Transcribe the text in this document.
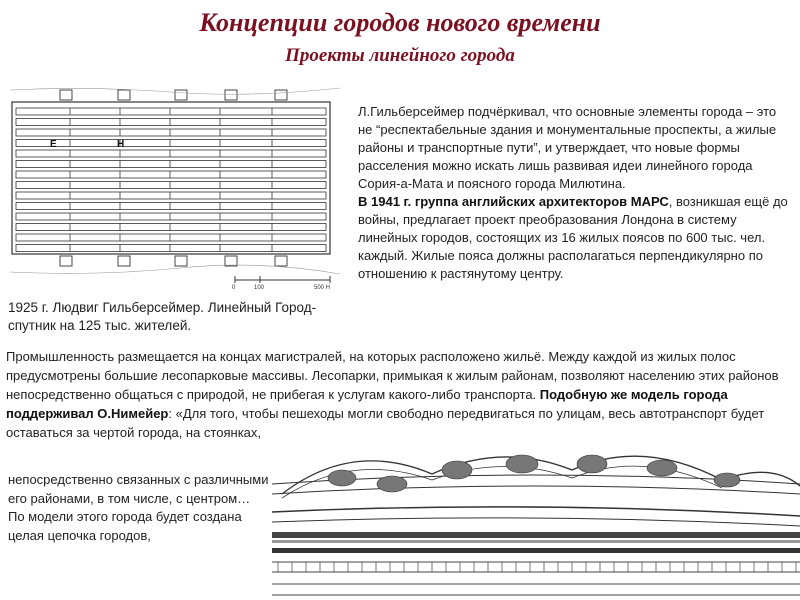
Концепции городов нового времени
Проекты линейного города
Е	Н
0	100	500 Н
1925 г. Людвиг Гильберсеймер. Линейный Город-спутник на 125 тыс. жителей.

Л.Гильберсеймер подчёркивал, что основные элементы города – это не “респектабельные здания и монументальные проспекты, а жилые районы и транспортные пути”, и утверждает, что новые формы расселения можно искать лишь развивая идеи линейного города Сория-а-Мата и поясного города Милютина.

В 1941 г. группа английских архитекторов МАРС, возникшая ещё до войны, предлагает проект преобразования Лондона в систему линейных городов, состоящих из 16 жилых поясов по 600 тыс. чел. каждый. Жилые пояса должны располагаться перпендикулярно по отношению к растянутому центру.

Промышленность размещается на концах магистралей, на которых расположено жильё. Между каждой из жилых полос предусмотрены большие лесопарковые массивы. Лесопарки, примыкая к жилым районам, позволяют населению этих районов непосредственно общаться с природой, не прибегая к услугам какого-либо транспорта. Подобную же модель города поддерживал О.Нимейер: «Для того, чтобы пешеходы могли свободно передвигаться по улицам, весь автотранспорт будет оставаться за чертой города, на стоянках,

непосредственно связанных с различными его районами, в том числе, с центром… По модели этого города будет создана целая цепочка городов,
